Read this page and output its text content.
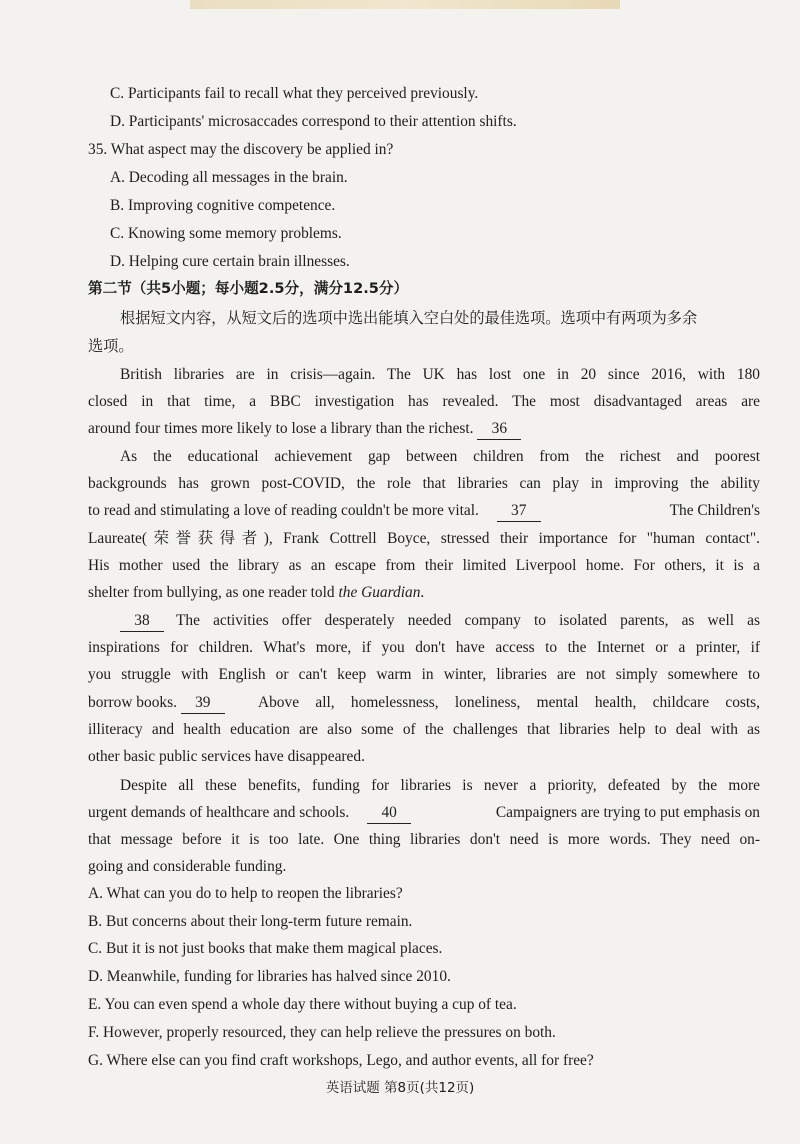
C. Participants fail to recall what they perceived previously.
D. Participants' microsaccades correspond to their attention shifts.
35. What aspect may the discovery be applied in?
A. Decoding all messages in the brain.
B. Improving cognitive competence.
C. Knowing some memory problems.
D. Helping cure certain brain illnesses.
第二节（共5小题；每小题2.5分，满分12.5分）
根据短文内容，从短文后的选项中选出能填入空白处的最佳选项。选项中有两项为多余
选项。
British libraries are in crisis—again. The UK has lost one in 20 since 2016, with 180
closed in that time, a BBC investigation has revealed. The most disadvantaged areas are
around four times more likely to lose a library than the richest. 36
As the educational achievement gap between children from the richest and poorest
backgrounds has grown post-COVID, the role that libraries can play in improving the ability
to read and stimulating a love of reading couldn't be more vital. 37	The Children's
Laureate(荣誉获得者), Frank Cottrell Boyce, stressed their importance for "human contact".
His mother used the library as an escape from their limited Liverpool home. For others, it is a
shelter from bullying, as one reader told the Guardian.
38 The activities offer desperately needed company to isolated parents, as well as
inspirations for children. What's more, if you don't have access to the Internet or a printer, if
you struggle with English or can't keep warm in winter, libraries are not simply somewhere to
borrow books. 39	Above all, homelessness, loneliness, mental health, childcare costs,
illiteracy and health education are also some of the challenges that libraries help to deal with as
other basic public services have disappeared.
Despite all these benefits, funding for libraries is never a priority, defeated by the more
urgent demands of healthcare and schools. 40	Campaigners are trying to put emphasis on
that message before it is too late. One thing libraries don't need is more words. They need on-
going and considerable funding.
A. What can you do to help to reopen the libraries?
B. But concerns about their long-term future remain.
C. But it is not just books that make them magical places.
D. Meanwhile, funding for libraries has halved since 2010.
E. You can even spend a whole day there without buying a cup of tea.
F. However, properly resourced, they can help relieve the pressures on both.
G. Where else can you find craft workshops, Lego, and author events, all for free?
英语试题 第8页(共12页)
